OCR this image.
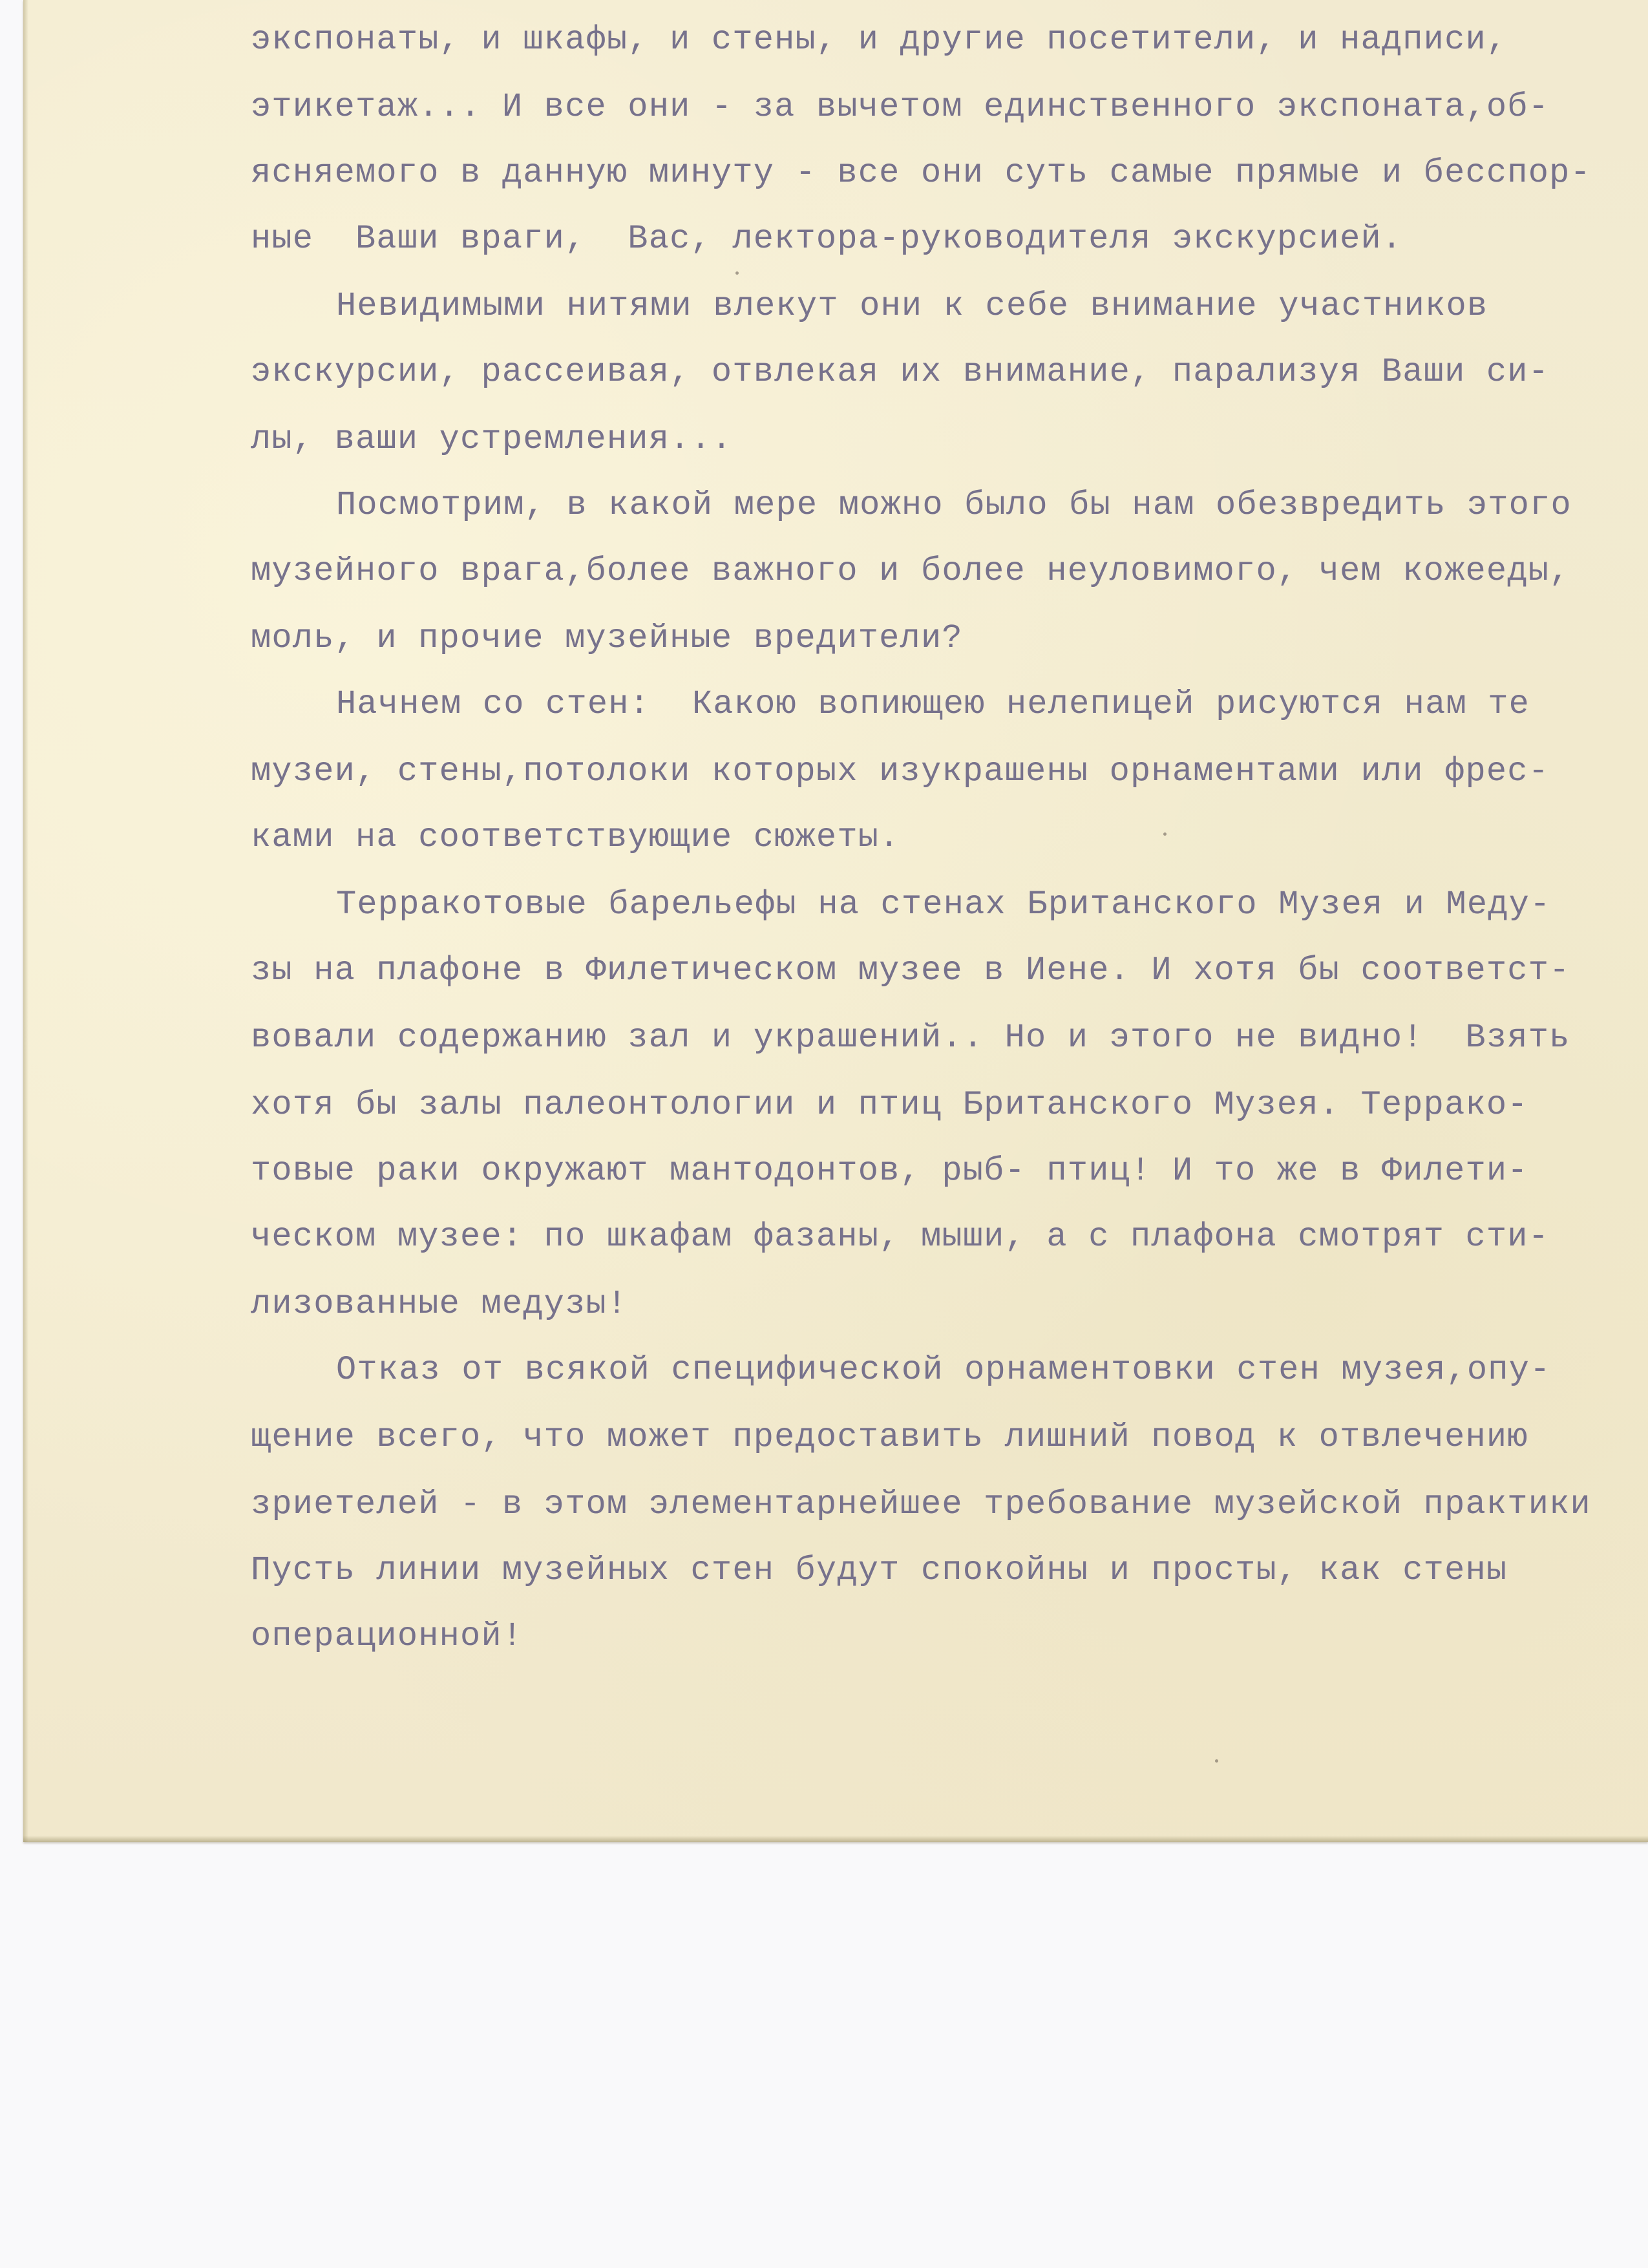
экспонаты, и шкафы, и стены, и другие посетители, и надписи,

этикетаж... И все они - за вычетом единственного экспоната,об-

ясняемого в данную минуту - все они суть самые прямые и бесспор-

ные  Ваши враги,  Вас, лектора-руководителя экскурсией.

Невидимыми нитями влекут они к себе внимание участников

экскурсии, рассеивая, отвлекая их внимание, парализуя Ваши си-

лы, ваши устремления...

Посмотрим, в какой мере можно было бы нам обезвредить этого

музейного врага,более важного и более неуловимого, чем кожееды,

моль, и прочие музейные вредители?

Начнем со стен:  Какою вопиющею нелепицей рисуются нам те

музеи, стены,потолоки которых изукрашены орнаментами или фрес-

ками на соответствующие сюжеты.

Терракотовые барельефы на стенах Британского Музея и Меду-

зы на плафоне в Филетическом музее в Иене. И хотя бы соответст-

вовали содержанию зал и украшений.. Но и этого не видно!  Взять

хотя бы залы палеонтологии и птиц Британского Музея. Терракo-

товые раки окружают мантодонтов, рыб- птиц! И то же в Филети-

ческом музее: по шкафам фазаны, мыши, а с плафона смотрят сти-

лизованные медузы!

Отказ от всякой специфической орнаментовки стен музея,опу-

щение всего, что может предоставить лишний повод к отвлечению

зриетелей - в этом элементарнейшее требование музейской практики

Пусть линии музейных стен будут спокойны и просты, как стены

операционной!
